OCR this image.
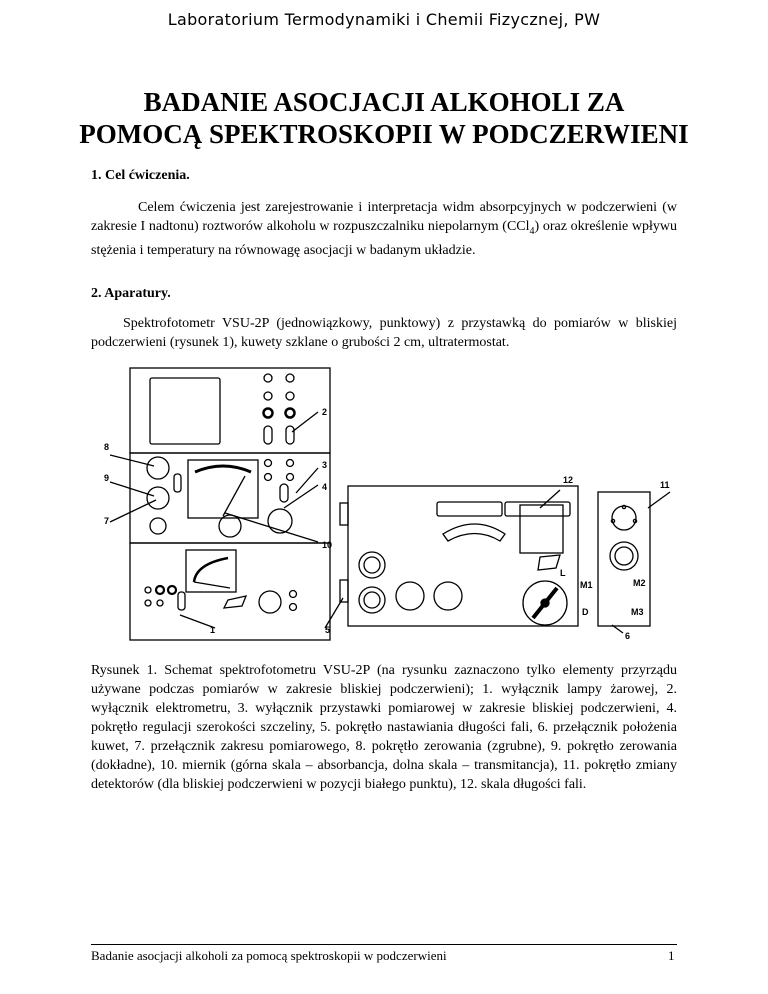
Laboratorium Termodynamiki i Chemii Fizycznej, PW
BADANIE ASOCJACJI ALKOHOLI ZA
POMOCĄ SPEKTROSKOPII W PODCZERWIENI
1. Cel ćwiczenia.
Celem ćwiczenia jest zarejestrowanie i interpretacja widm absorpcyjnych w podczerwieni (w zakresie I nadtonu) roztworów alkoholu w rozpuszczalniku niepolarnym (CCl$_4$) oraz określenie wpływu stężenia i temperatury na równowagę asocjacji w badanym układzie.
2. Aparatury.
Spektrofotometr VSU-2P (jednowiązkowy, punktowy) z przystawką do pomiarów w bliskiej podczerwieni (rysunek 1), kuwety szklane o grubości 2 cm, ultratermostat.
2
8
3
9
4
7
10
12	11
1	5
6
L
M1	M2
D	M3
Rysunek 1. Schemat spektrofotometru VSU-2P (na rysunku zaznaczono tylko elementy przyrządu używane podczas pomiarów w zakresie bliskiej podczerwieni); 1. wyłącznik lampy żarowej, 2. wyłącznik elektrometru, 3. wyłącznik przystawki pomiarowej w zakresie bliskiej podczerwieni, 4. pokrętło regulacji szerokości szczeliny, 5. pokrętło nastawiania długości fali, 6. przełącznik położenia kuwet, 7. przełącznik zakresu pomiarowego, 8. pokrętło zerowania (zgrubne), 9. pokrętło zerowania (dokładne), 10. miernik (górna skala – absorbancja, dolna skala – transmitancja), 11. pokrętło zmiany detektorów (dla bliskiej podczerwieni w pozycji białego punktu), 12. skala długości fali.
Badanie asocjacji alkoholi za pomocą spektroskopii w podczerwieni	1
